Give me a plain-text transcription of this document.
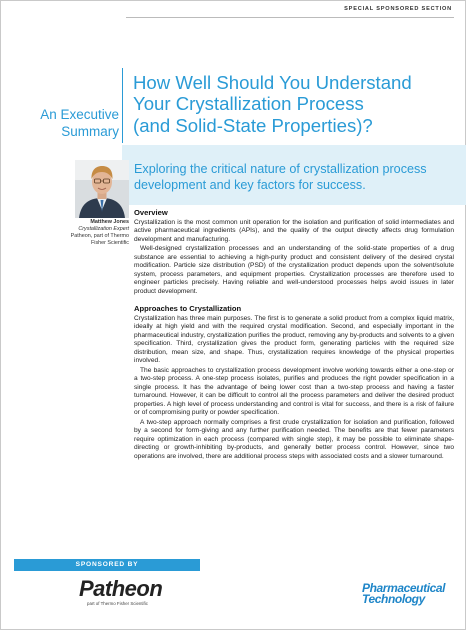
SPECIAL SPONSORED SECTION
An Executive
Summary
How Well Should You Understand
Your Crystallization Process
(and Solid-State Properties)?
Exploring the critical nature of crystallization process
development and key factors for success.
Matthew Jones
Crystallization Expert
Patheon, part of Thermo
Fisher Scientific
Overview

Crystallization is the most common unit operation for the isolation and purification of solid intermediates and active pharmaceutical ingredients (APIs), and the quality of the output directly affects drug formulation development and manufacturing.

Well-designed crystallization processes and an understanding of the solid-state properties of a drug substance are essential to achieving a high-purity product and consistent delivery of the desired crystal modification. Particle size distribution (PSD) of the crystallization product depends upon the solvent/solute system, process parameters, and equipment properties. Crystallization processes are therefore used to engineer particles precisely. Having reliable and well-understood processes helps avoid issues in later product development.

Approaches to Crystallization

Crystallization has three main purposes. The first is to generate a solid product from a complex liquid matrix, ideally at high yield and with the required crystal modification. Second, and especially important in the pharmaceutical industry, crystallization purifies the product, removing any by-products and solvents to a given specification. Third, crystallization gives the product form, generating particles with the required size distribution, mean size, and shape. Thus, crystallization requires knowledge of the physical properties involved.

The basic approaches to crystallization process development involve working towards either a one-step or a two-step process. A one-step process isolates, purifies and produces the right powder specification in a single process. It has the advantage of being lower cost than a two-step process and having a faster turnaround. However, it can be difficult to control all the process parameters and deliver the desired product properties. A high level of process understanding and control is vital for success, and there is a risk of failure or of compromising purity or powder specification.

A two-step approach normally comprises a first crude crystallization for isolation and purification, followed by a second for form-giving and any further purification needed. The benefits are that fewer parameters require optimization in each process (compared with single step), it may be possible to eliminate shape-directing or growth-inhibiting by-products, and generally better process control. However, since two operations are involved, there are additional process steps with associated costs and a slower turnaround.

SPONSORED BY
Patheon
part of Thermo Fisher Scientific
Pharmaceutical
Technology
